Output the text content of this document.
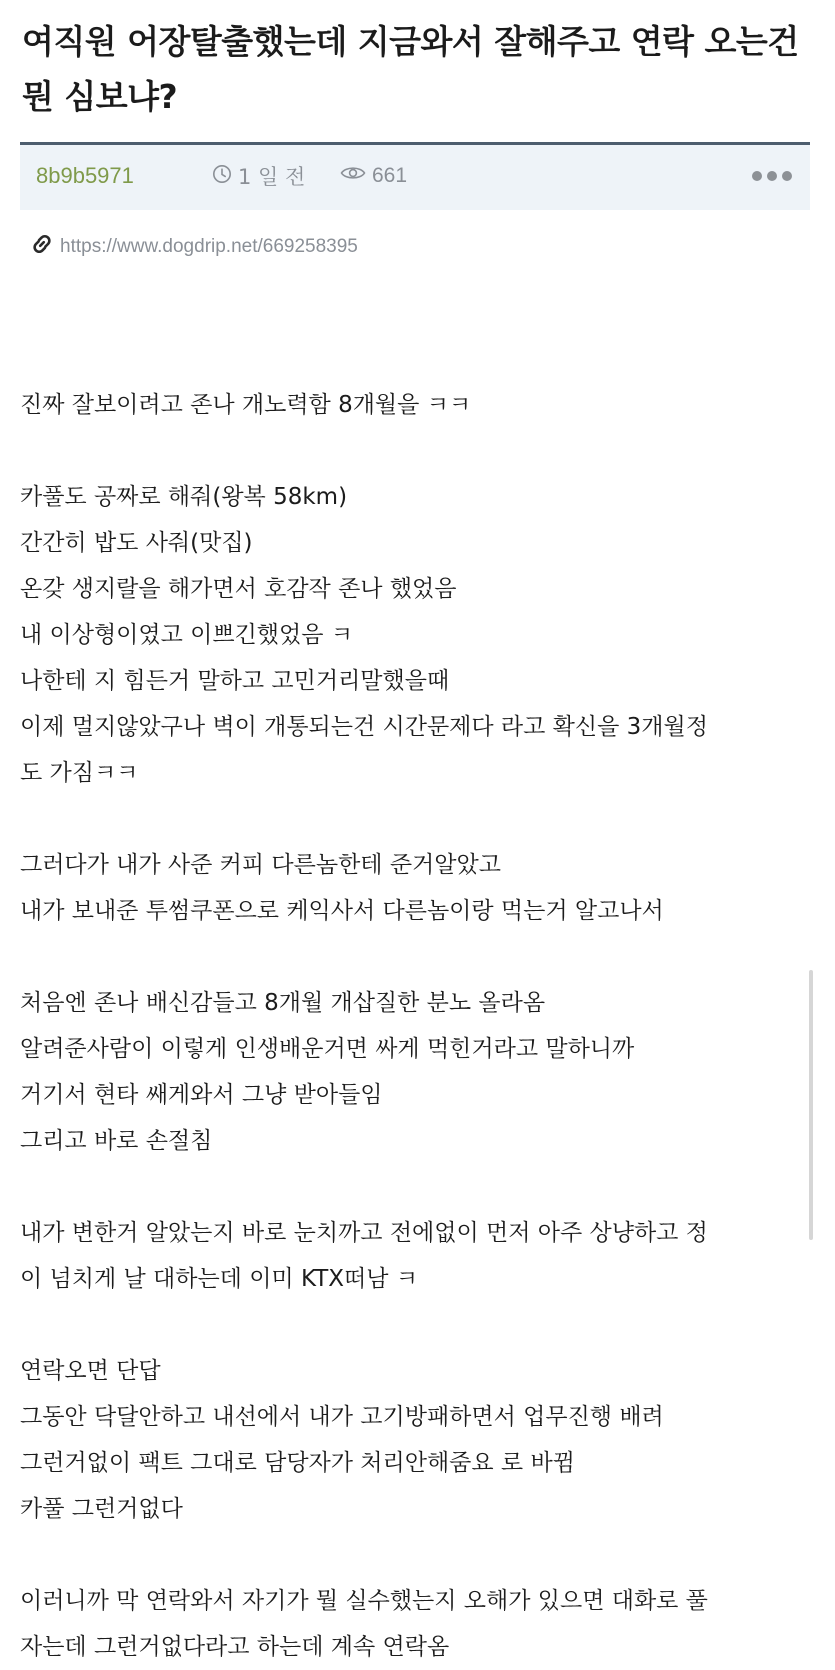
여직원 어장탈출했는데 지금와서 잘해주고 연락 오는건 뭔 심보냐?
8b9b5971	1 일 전	661
https://www.dogdrip.net/669258395
진짜 잘보이려고 존나 개노력함 8개월을 ㅋㅋ
카풀도 공짜로 해줘(왕복 58km)
간간히 밥도 사줘(맛집)
온갖 생지랄을 해가면서 호감작 존나 했었음
내 이상형이였고 이쁘긴했었음 ㅋ
나한테 지 힘든거 말하고 고민거리말했을때
이제 멀지않았구나 벽이 개통되는건 시간문제다 라고 확신을 3개월정
도 가짐ㅋㅋ
그러다가 내가 사준 커피 다른놈한테 준거알았고
내가 보내준 투썸쿠폰으로 케익사서 다른놈이랑 먹는거 알고나서
처음엔 존나 배신감들고 8개월 개삽질한 분노 올라옴
알려준사람이 이렇게 인생배운거면 싸게 먹힌거라고 말하니까
거기서 현타 쌔게와서 그냥 받아들임
그리고 바로 손절침
내가 변한거 알았는지 바로 눈치까고 전에없이 먼저 아주 상냥하고 정
이 넘치게 날 대하는데 이미 KTX떠남 ㅋ
연락오면 단답
그동안 닥달안하고 내선에서 내가 고기방패하면서 업무진행 배려
그런거없이 팩트 그대로 담당자가 처리안해줌요 로 바뀜
카풀 그런거없다
이러니까 막 연락와서 자기가 뭘 실수했는지 오해가 있으면 대화로 풀
자는데 그런거없다라고 하는데 계속 연락옴
